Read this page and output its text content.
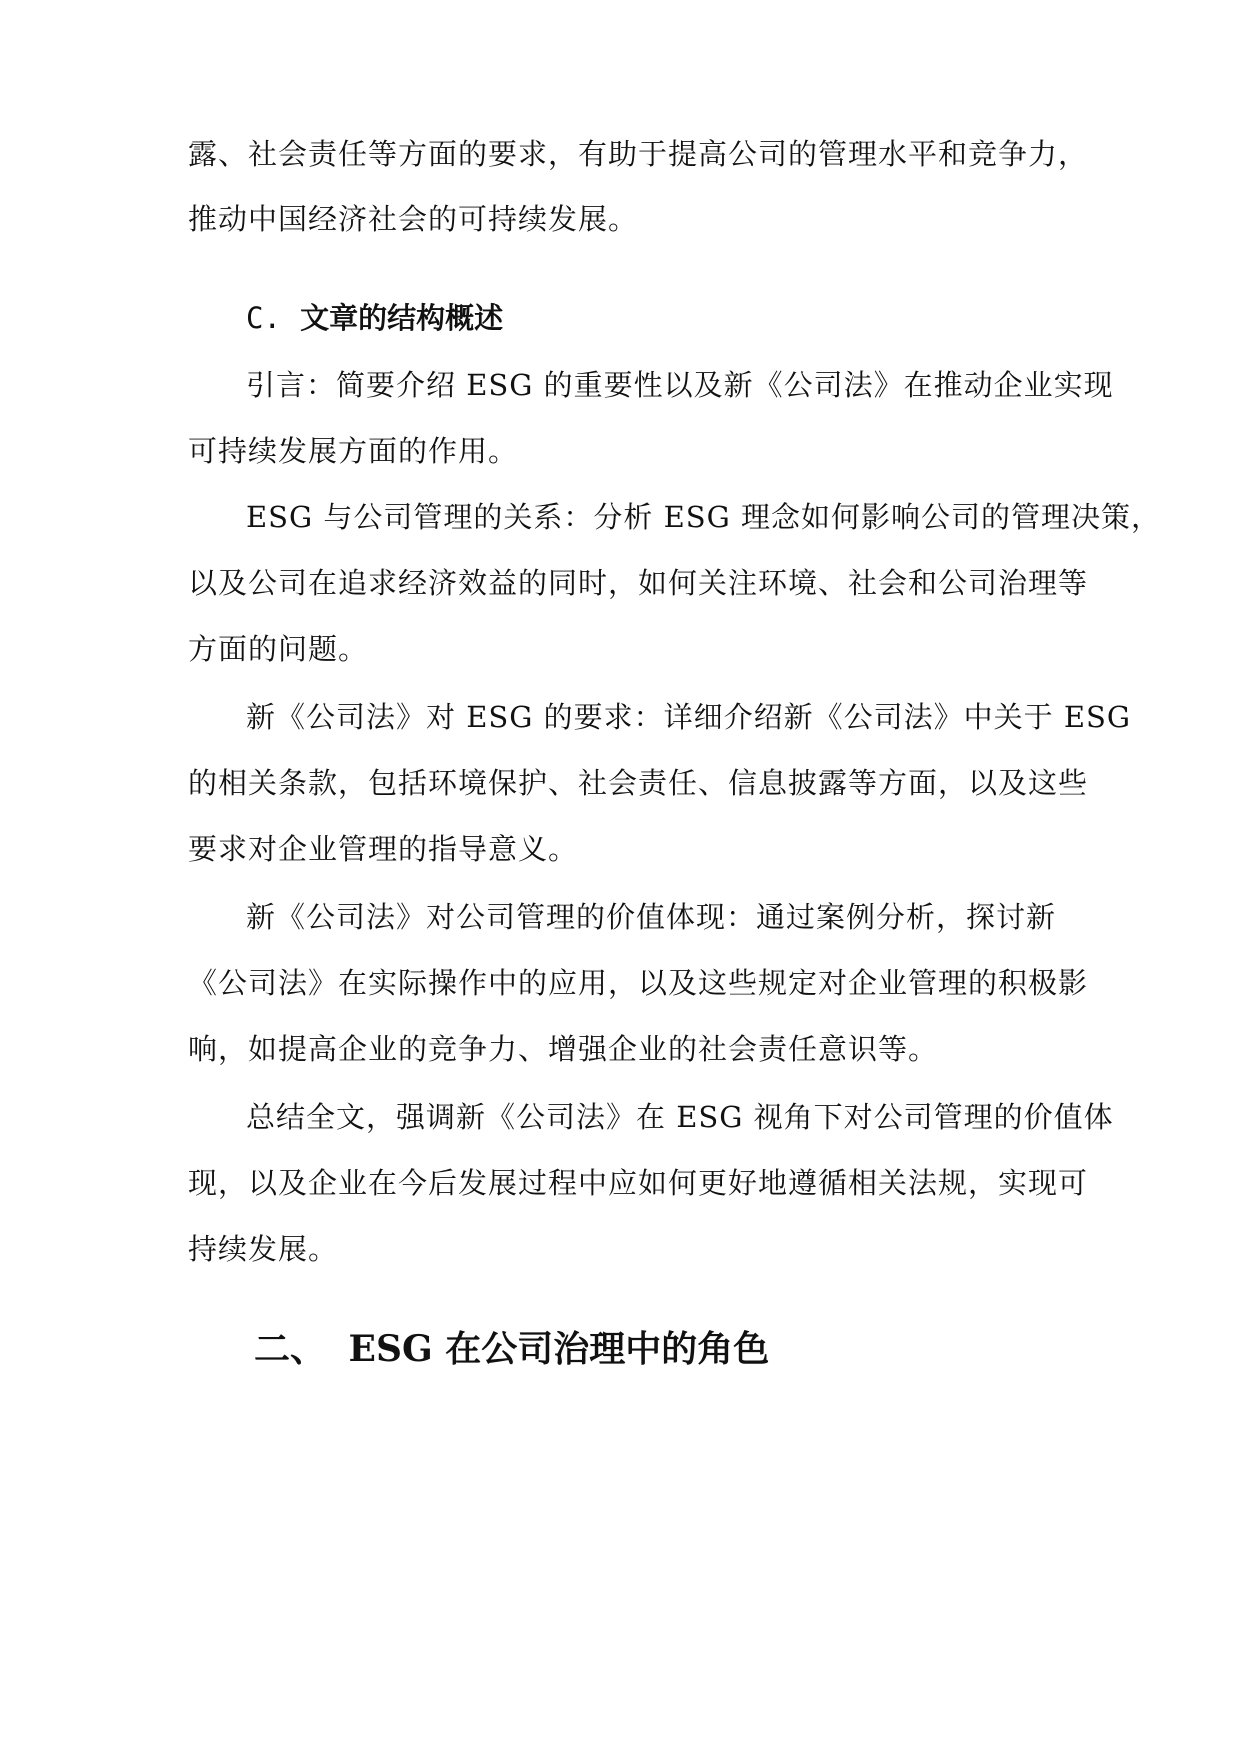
露、社会责任等方面的要求，有助于提高公司的管理水平和竞争力，
推动中国经济社会的可持续发展。
C. 文章的结构概述
引言：简要介绍 ESG 的重要性以及新《公司法》在推动企业实现
可持续发展方面的作用。
ESG 与公司管理的关系：分析 ESG 理念如何影响公司的管理决策，
以及公司在追求经济效益的同时，如何关注环境、社会和公司治理等
方面的问题。
新《公司法》对 ESG 的要求：详细介绍新《公司法》中关于 ESG
的相关条款，包括环境保护、社会责任、信息披露等方面，以及这些
要求对企业管理的指导意义。
新《公司法》对公司管理的价值体现：通过案例分析，探讨新
《公司法》在实际操作中的应用，以及这些规定对企业管理的积极影
响，如提高企业的竞争力、增强企业的社会责任意识等。
总结全文，强调新《公司法》在 ESG 视角下对公司管理的价值体
现，以及企业在今后发展过程中应如何更好地遵循相关法规，实现可
持续发展。
二、 ESG 在公司治理中的角色
